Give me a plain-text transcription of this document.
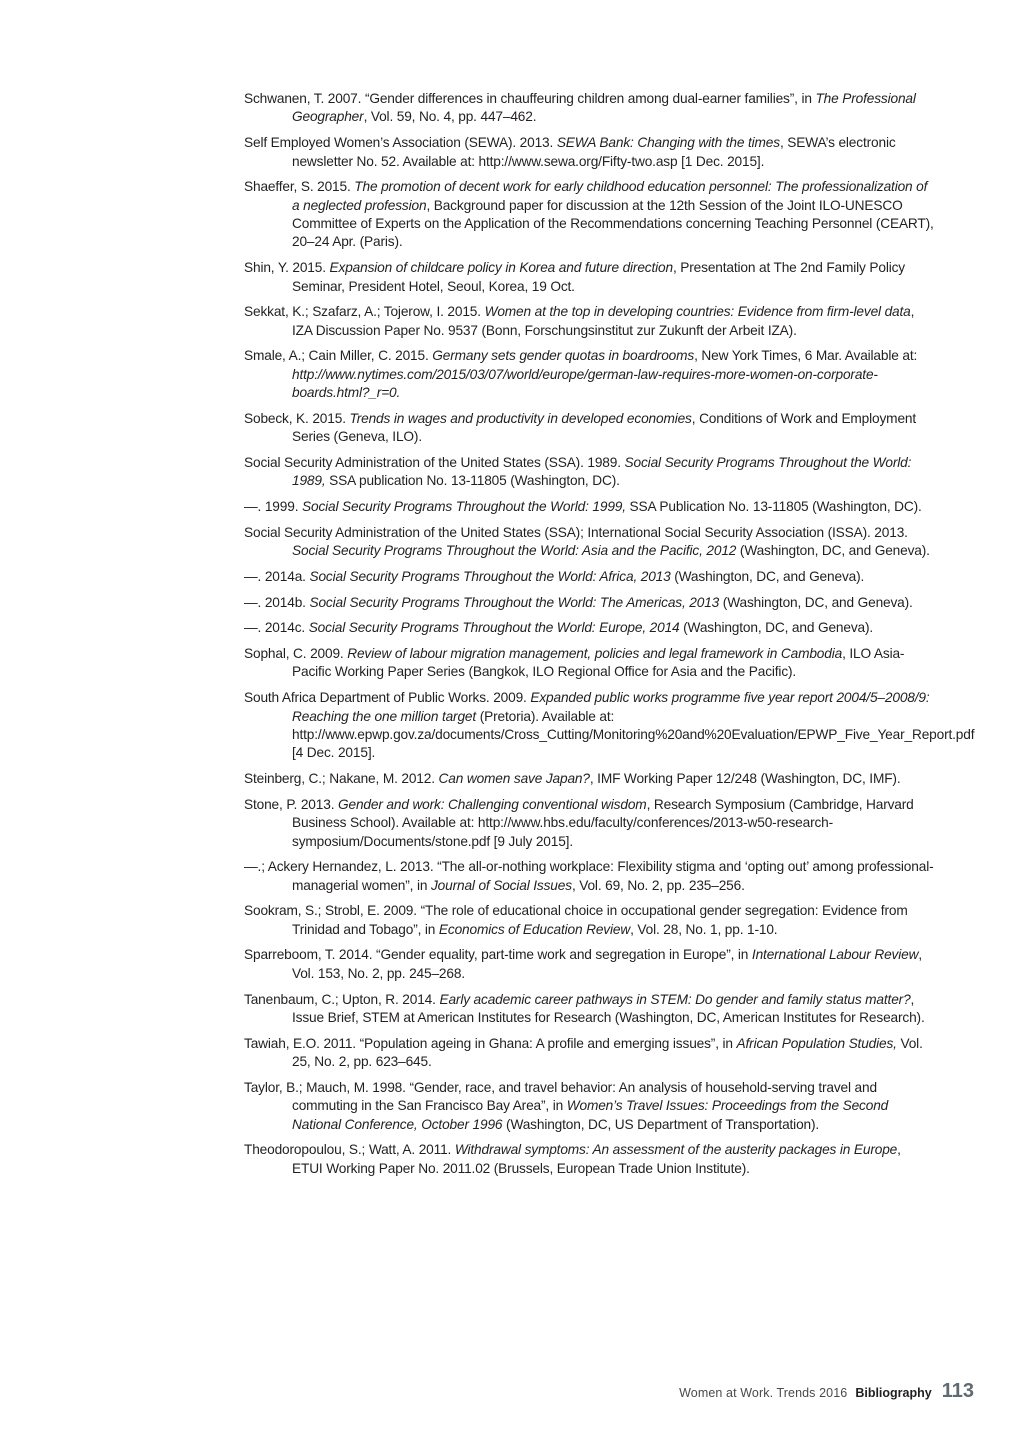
Schwanen, T. 2007. “Gender differences in chauffeuring children among dual-earner families”, in The Professional Geographer, Vol. 59, No. 4, pp. 447–462.

Self Employed Women’s Association (SEWA). 2013. SEWA Bank: Changing with the times, SEWA’s electronic newsletter No. 52. Available at: http://www.sewa.org/Fifty-two.asp [1 Dec. 2015].

Shaeffer, S. 2015. The promotion of decent work for early childhood education personnel: The professionalization of a neglected profession, Background paper for discussion at the 12th Session of the Joint ILO-UNESCO Committee of Experts on the Application of the Recommendations concerning Teaching Personnel (CEART), 20–24 Apr. (Paris).

Shin, Y. 2015. Expansion of childcare policy in Korea and future direction, Presentation at The 2nd Family Policy Seminar, President Hotel, Seoul, Korea, 19 Oct.

Sekkat, K.; Szafarz, A.; Tojerow, I. 2015. Women at the top in developing countries: Evidence from firm-level data, IZA Discussion Paper No. 9537 (Bonn, Forschungsinstitut zur Zukunft der Arbeit IZA).

Smale, A.; Cain Miller, C. 2015. Germany sets gender quotas in boardrooms, New York Times, 6 Mar. Available at: http://www.nytimes.com/2015/03/07/world/europe/german-law-requires-more-women-on-corporate-boards.html?_r=0.

Sobeck, K. 2015. Trends in wages and productivity in developed economies, Conditions of Work and Employment Series (Geneva, ILO).

Social Security Administration of the United States (SSA). 1989. Social Security Programs Throughout the World: 1989, SSA publication No. 13-11805 (Washington, DC).

—. 1999. Social Security Programs Throughout the World: 1999, SSA Publication No. 13-11805 (Washington, DC).

Social Security Administration of the United States (SSA); International Social Security Association (ISSA). 2013. Social Security Programs Throughout the World: Asia and the Pacific, 2012 (Washington, DC, and Geneva).

—. 2014a. Social Security Programs Throughout the World: Africa, 2013 (Washington, DC, and Geneva).

—. 2014b. Social Security Programs Throughout the World: The Americas, 2013 (Washington, DC, and Geneva).

—. 2014c. Social Security Programs Throughout the World: Europe, 2014 (Washington, DC, and Geneva).

Sophal, C. 2009. Review of labour migration management, policies and legal framework in Cambodia, ILO Asia-Pacific Working Paper Series (Bangkok, ILO Regional Office for Asia and the Pacific).

South Africa Department of Public Works. 2009. Expanded public works programme five year report 2004/5–2008/9: Reaching the one million target (Pretoria). Available at: http://www.epwp.gov.za/documents/Cross_Cutting/Monitoring%20and%20Evaluation/EPWP_Five_Year_Report.pdf [4 Dec. 2015].

Steinberg, C.; Nakane, M. 2012. Can women save Japan?, IMF Working Paper 12/248 (Washington, DC, IMF).

Stone, P. 2013. Gender and work: Challenging conventional wisdom, Research Symposium (Cambridge, Harvard Business School). Available at: http://www.hbs.edu/faculty/conferences/2013-w50-research-symposium/Documents/stone.pdf [9 July 2015].

—.; Ackery Hernandez, L. 2013. “The all-or-nothing workplace: Flexibility stigma and ‘opting out’ among professional-managerial women”, in Journal of Social Issues, Vol. 69, No. 2, pp. 235–256.

Sookram, S.; Strobl, E. 2009. “The role of educational choice in occupational gender segregation: Evidence from Trinidad and Tobago”, in Economics of Education Review, Vol. 28, No. 1, pp. 1-10.

Sparreboom, T. 2014. “Gender equality, part-time work and segregation in Europe”, in International Labour Review, Vol. 153, No. 2, pp. 245–268.

Tanenbaum, C.; Upton, R. 2014. Early academic career pathways in STEM: Do gender and family status matter?, Issue Brief, STEM at American Institutes for Research (Washington, DC, American Institutes for Research).

Tawiah, E.O. 2011. “Population ageing in Ghana: A profile and emerging issues”, in African Population Studies, Vol. 25, No. 2, pp. 623–645.

Taylor, B.; Mauch, M. 1998. “Gender, race, and travel behavior: An analysis of household-serving travel and commuting in the San Francisco Bay Area”, in Women’s Travel Issues: Proceedings from the Second National Conference, October 1996 (Washington, DC, US Department of Transportation).

Theodoropoulou, S.; Watt, A. 2011. Withdrawal symptoms: An assessment of the austerity packages in Europe, ETUI Working Paper No. 2011.02 (Brussels, European Trade Union Institute).

Women at Work. Trends 2016 Bibliography 113
